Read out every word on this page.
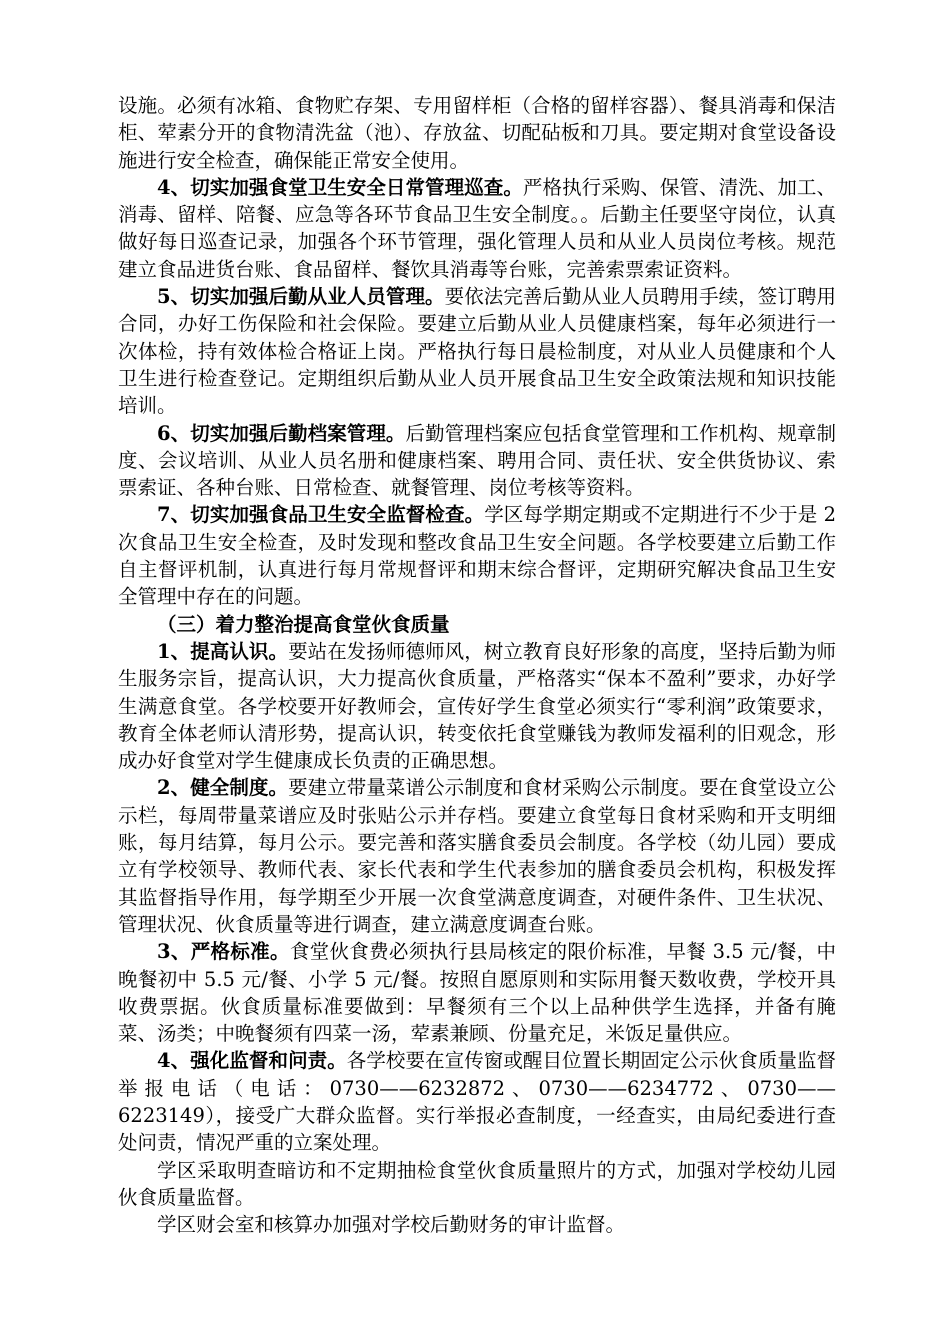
设施。必须有冰箱、食物贮存架、专用留样柜（合格的留样容器）、餐具消毒和保洁柜、荤素分开的食物清洗盆（池）、存放盆、切配砧板和刀具。要定期对食堂设备设施进行安全检查，确保能正常安全使用。

4、切实加强食堂卫生安全日常管理巡查。严格执行采购、保管、清洗、加工、消毒、留样、陪餐、应急等各环节食品卫生安全制度。。后勤主任要坚守岗位，认真做好每日巡查记录，加强各个环节管理，强化管理人员和从业人员岗位考核。规范建立食品进货台账、食品留样、餐饮具消毒等台账，完善索票索证资料。

5、切实加强后勤从业人员管理。要依法完善后勤从业人员聘用手续，签订聘用合同，办好工伤保险和社会保险。要建立后勤从业人员健康档案，每年必须进行一次体检，持有效体检合格证上岗。严格执行每日晨检制度，对从业人员健康和个人卫生进行检查登记。定期组织后勤从业人员开展食品卫生安全政策法规和知识技能培训。

6、切实加强后勤档案管理。后勤管理档案应包括食堂管理和工作机构、规章制度、会议培训、从业人员名册和健康档案、聘用合同、责任状、安全供货协议、索票索证、各种台账、日常检查、就餐管理、岗位考核等资料。

7、切实加强食品卫生安全监督检查。学区每学期定期或不定期进行不少于是 2 次食品卫生安全检查，及时发现和整改食品卫生安全问题。各学校要建立后勤工作自主督评机制，认真进行每月常规督评和期末综合督评，定期研究解决食品卫生安全管理中存在的问题。

（三）着力整治提高食堂伙食质量

1、提高认识。要站在发扬师德师风，树立教育良好形象的高度，坚持后勤为师生服务宗旨，提高认识，大力提高伙食质量，严格落实“保本不盈利”要求，办好学生满意食堂。各学校要开好教师会，宣传好学生食堂必须实行“零利润”政策要求，教育全体老师认清形势，提高认识，转变依托食堂赚钱为教师发福利的旧观念，形成办好食堂对学生健康成长负责的正确思想。

2、健全制度。要建立带量菜谱公示制度和食材采购公示制度。要在食堂设立公示栏，每周带量菜谱应及时张贴公示并存档。要建立食堂每日食材采购和开支明细账，每月结算，每月公示。要完善和落实膳食委员会制度。各学校（幼儿园）要成立有学校领导、教师代表、家长代表和学生代表参加的膳食委员会机构，积极发挥其监督指导作用，每学期至少开展一次食堂满意度调查，对硬件条件、卫生状况、管理状况、伙食质量等进行调查，建立满意度调查台账。

3、严格标准。食堂伙食费必须执行县局核定的限价标准，早餐 3.5 元/餐，中晚餐初中 5.5 元/餐、小学 5 元/餐。按照自愿原则和实际用餐天数收费，学校开具收费票据。伙食质量标准要做到：早餐须有三个以上品种供学生选择，并备有腌菜、汤类；中晚餐须有四菜一汤，荤素兼顾、份量充足，米饭足量供应。

4、强化监督和问责。各学校要在宣传窗或醒目位置长期固定公示伙食质量监督举报电话（电话：0730——6232872、0730——6234772、0730——6223149），接受广大群众监督。实行举报必查制度，一经查实，由局纪委进行查处问责，情况严重的立案处理。

学区采取明查暗访和不定期抽检食堂伙食质量照片的方式，加强对学校幼儿园伙食质量监督。

学区财会室和核算办加强对学校后勤财务的审计监督。
